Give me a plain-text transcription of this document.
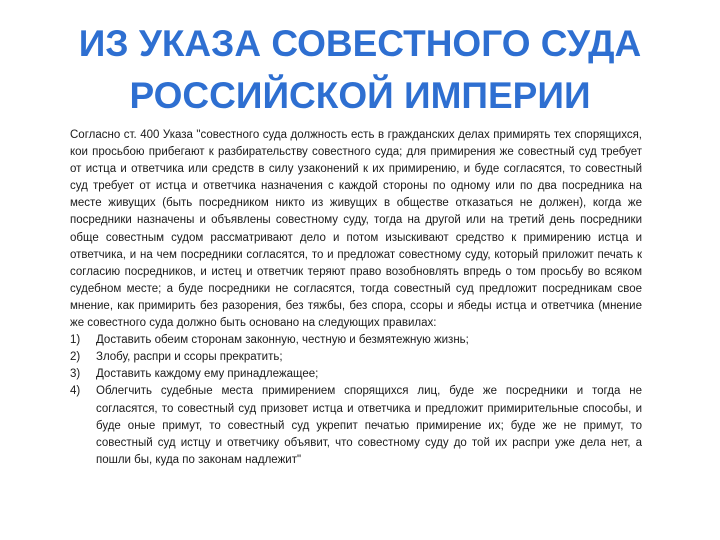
ИЗ УКАЗА СОВЕСТНОГО СУДА
РОССИЙСКОЙ ИМПЕРИИ

Согласно ст. 400 Указа "совестного суда должность есть в гражданских делах примирять тех спорящихся, кои просьбою прибегают к разбирательству совестного суда; для примирения же совестный суд требует от истца и ответчика или средств в силу узаконений к их примирению, и буде согласятся, то совестный суд требует от истца и ответчика назначения с каждой стороны по одному или по два посредника на месте живущих (быть посредником никто из живущих в обществе отказаться не должен), когда же посредники назначены и объявлены совестному суду, тогда на другой или на третий день посредники обще совестным судом рассматривают дело и потом изыскивают средство к примирению истца и ответчика, и на чем посредники согласятся, то и предложат совестному суду, который приложит печать к согласию посредников, и истец и ответчик теряют право возобновлять впредь о том просьбу во всяком судебном месте; а буде посредники не согласятся, тогда совестный суд предложит посредникам свое мнение, как примирить без разорения, без тяжбы, без спора, ссоры и ябеды истца и ответчика (мнение же совестного суда должно быть основано на следующих правилах:

1) Доставить обеим сторонам законную, честную и безмятежную жизнь;
2) Злобу, распри и ссоры прекратить;
3) Доставить каждому ему принадлежащее;
4) Облегчить судебные места примирением спорящихся лиц, буде же посредники и тогда не согласятся, то совестный суд призовет истца и ответчика и предложит примирительные способы, и буде оные примут, то совестный суд укрепит печатью примирение их; буде же не примут, то совестный суд истцу и ответчику объявит, что совестному суду до той их распри уже дела нет, а пошли бы, куда по законам надлежит"
